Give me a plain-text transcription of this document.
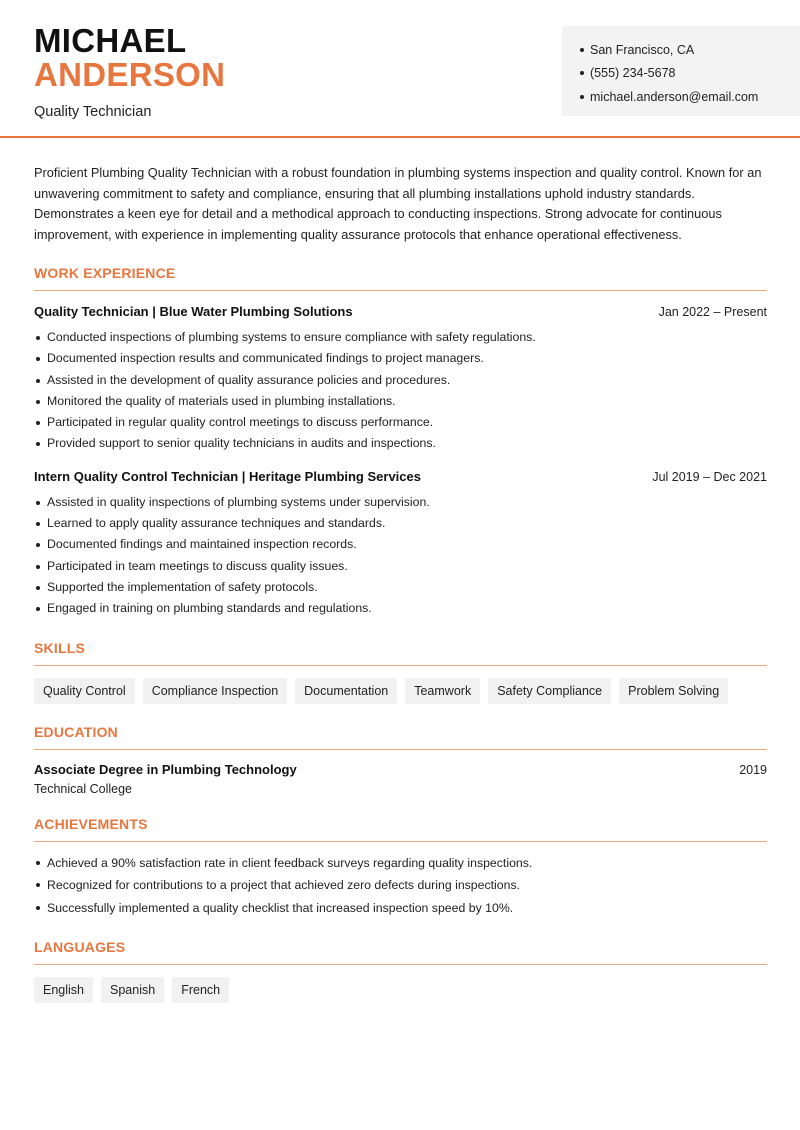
MICHAEL
ANDERSON
Quality Technician
San Francisco, CA
(555) 234-5678
michael.anderson@email.com

Proficient Plumbing Quality Technician with a robust foundation in plumbing systems inspection and quality control. Known for an unwavering commitment to safety and compliance, ensuring that all plumbing installations uphold industry standards. Demonstrates a keen eye for detail and a methodical approach to conducting inspections. Strong advocate for continuous improvement, with experience in implementing quality assurance protocols that enhance operational effectiveness.

WORK EXPERIENCE
Quality Technician | Blue Water Plumbing Solutions	Jan 2022 – Present
Conducted inspections of plumbing systems to ensure compliance with safety regulations.
Documented inspection results and communicated findings to project managers.
Assisted in the development of quality assurance policies and procedures.
Monitored the quality of materials used in plumbing installations.
Participated in regular quality control meetings to discuss performance.
Provided support to senior quality technicians in audits and inspections.
Intern Quality Control Technician | Heritage Plumbing Services	Jul 2019 – Dec 2021
Assisted in quality inspections of plumbing systems under supervision.
Learned to apply quality assurance techniques and standards.
Documented findings and maintained inspection records.
Participated in team meetings to discuss quality issues.
Supported the implementation of safety protocols.
Engaged in training on plumbing standards and regulations.
SKILLS
Quality Control	Compliance Inspection	Documentation	Teamwork	Safety Compliance	Problem Solving
EDUCATION
Associate Degree in Plumbing Technology	2019
Technical College
ACHIEVEMENTS
Achieved a 90% satisfaction rate in client feedback surveys regarding quality inspections.
Recognized for contributions to a project that achieved zero defects during inspections.
Successfully implemented a quality checklist that increased inspection speed by 10%.
LANGUAGES
English	Spanish	French
